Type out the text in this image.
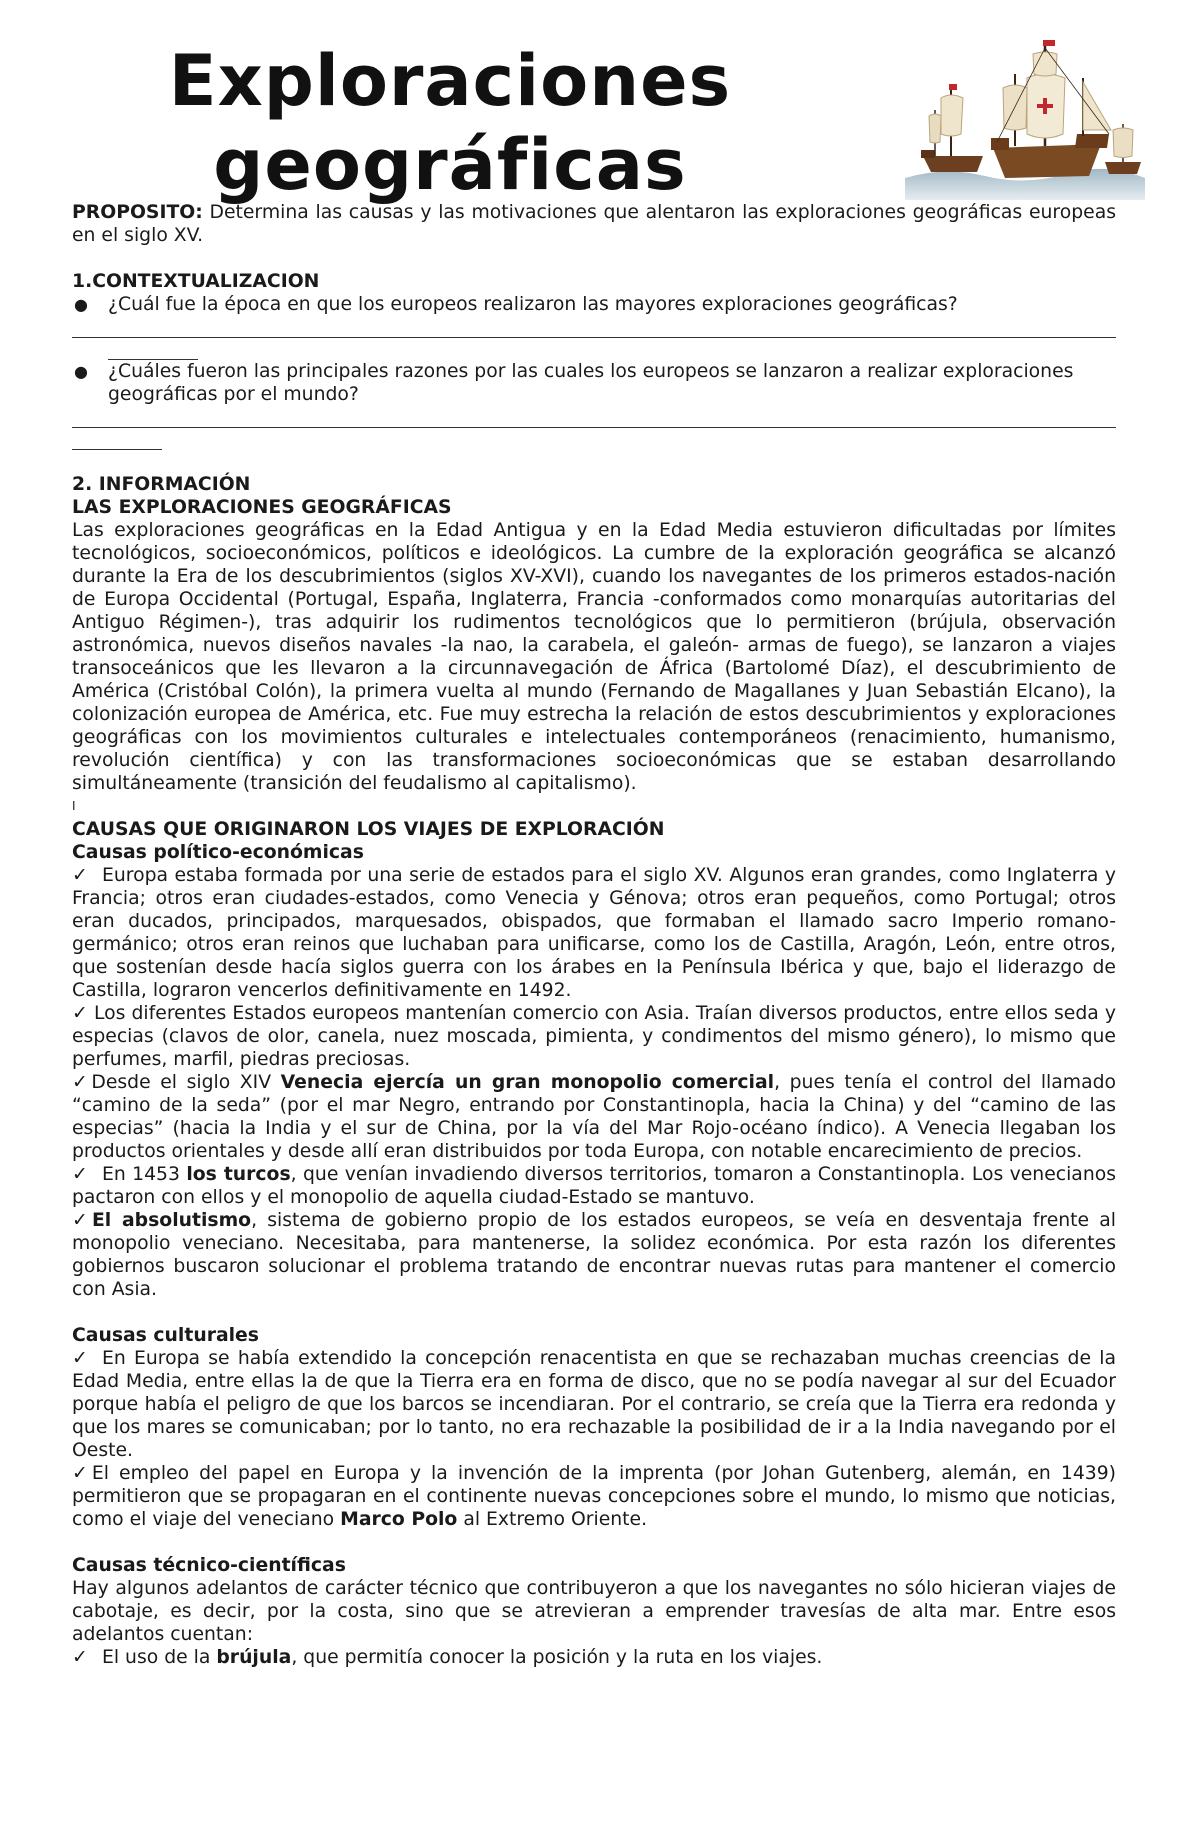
Exploraciones
geográficas

PROPOSITO: Determina las causas y las motivaciones que alentaron las exploraciones geográficas europeas en el siglo XV.

1.CONTEXTUALIZACION

● ¿Cuál fue la época en que los europeos realizaron las mayores exploraciones geográficas?

● ¿Cuáles fueron las principales razones por las cuales los europeos se lanzaron a realizar exploraciones geográficas por el mundo?

2. INFORMACIÓN

LAS EXPLORACIONES GEOGRÁFICAS

Las exploraciones geográficas en la Edad Antigua y en la Edad Media estuvieron dificultadas por límites tecnológicos, socioeconómicos, políticos e ideológicos. La cumbre de la exploración geográfica se alcanzó durante la Era de los descubrimientos (siglos XV-XVI), cuando los navegantes de los primeros estados-nación de Europa Occidental (Portugal, España, Inglaterra, Francia -conformados como monarquías autoritarias del Antiguo Régimen-), tras adquirir los rudimentos tecnológicos que lo permitieron (brújula, observación astronómica, nuevos diseños navales -la nao, la carabela, el galeón- armas de fuego), se lanzaron a viajes transoceánicos que les llevaron a la circunnavegación de África (Bartolomé Díaz), el descubrimiento de América (Cristóbal Colón), la primera vuelta al mundo (Fernando de Magallanes y Juan Sebastián Elcano), la colonización europea de América, etc. Fue muy estrecha la relación de estos descubrimientos y exploraciones geográficas con los movimientos culturales e intelectuales contemporáneos (renacimiento, humanismo, revolución científica) y con las transformaciones socioeconómicas que se estaban desarrollando simultáneamente (transición del feudalismo al capitalismo).

I

CAUSAS QUE ORIGINARON LOS VIAJES DE EXPLORACIÓN

Causas político-económicas

✓ Europa estaba formada por una serie de estados para el siglo XV. Algunos eran grandes, como Inglaterra y Francia; otros eran ciudades-estados, como Venecia y Génova; otros eran pequeños, como Portugal; otros eran ducados, principados, marquesados, obispados, que formaban el llamado sacro Imperio romano-germánico; otros eran reinos que luchaban para unificarse, como los de Castilla, Aragón, León, entre otros, que sostenían desde hacía siglos guerra con los árabes en la Península Ibérica y que, bajo el liderazgo de Castilla, lograron vencerlos definitivamente en 1492.

✓ Los diferentes Estados europeos mantenían comercio con Asia. Traían diversos productos, entre ellos seda y especias (clavos de olor, canela, nuez moscada, pimienta, y condimentos del mismo género), lo mismo que perfumes, marfil, piedras preciosas.

✓Desde el siglo XIV Venecia ejercía un gran monopolio comercial, pues tenía el control del llamado “camino de la seda” (por el mar Negro, entrando por Constantinopla, hacia la China) y del “camino de las especias” (hacia la India y el sur de China, por la vía del Mar Rojo-océano índico). A Venecia llegaban los productos orientales y desde allí eran distribuidos por toda Europa, con notable encarecimiento de precios.

✓ En 1453 los turcos, que venían invadiendo diversos territorios, tomaron a Constantinopla. Los venecianos pactaron con ellos y el monopolio de aquella ciudad-Estado se mantuvo.

✓El absolutismo, sistema de gobierno propio de los estados europeos, se veía en desventaja frente al monopolio veneciano. Necesitaba, para mantenerse, la solidez económica. Por esta razón los diferentes gobiernos buscaron solucionar el problema tratando de encontrar nuevas rutas para mantener el comercio con Asia.

Causas culturales

✓ En Europa se había extendido la concepción renacentista en que se rechazaban muchas creencias de la Edad Media, entre ellas la de que la Tierra era en forma de disco, que no se podía navegar al sur del Ecuador porque había el peligro de que los barcos se incendiaran. Por el contrario, se creía que la Tierra era redonda y que los mares se comunicaban; por lo tanto, no era rechazable la posibilidad de ir a la India navegando por el Oeste.

✓El empleo del papel en Europa y la invención de la imprenta (por Johan Gutenberg, alemán, en 1439) permitieron que se propagaran en el continente nuevas concepciones sobre el mundo, lo mismo que noticias, como el viaje del veneciano Marco Polo al Extremo Oriente.

Causas técnico-científicas

Hay algunos adelantos de carácter técnico que contribuyeron a que los navegantes no sólo hicieran viajes de cabotaje, es decir, por la costa, sino que se atrevieran a emprender travesías de alta mar. Entre esos adelantos cuentan:

✓ El uso de la brújula, que permitía conocer la posición y la ruta en los viajes.
